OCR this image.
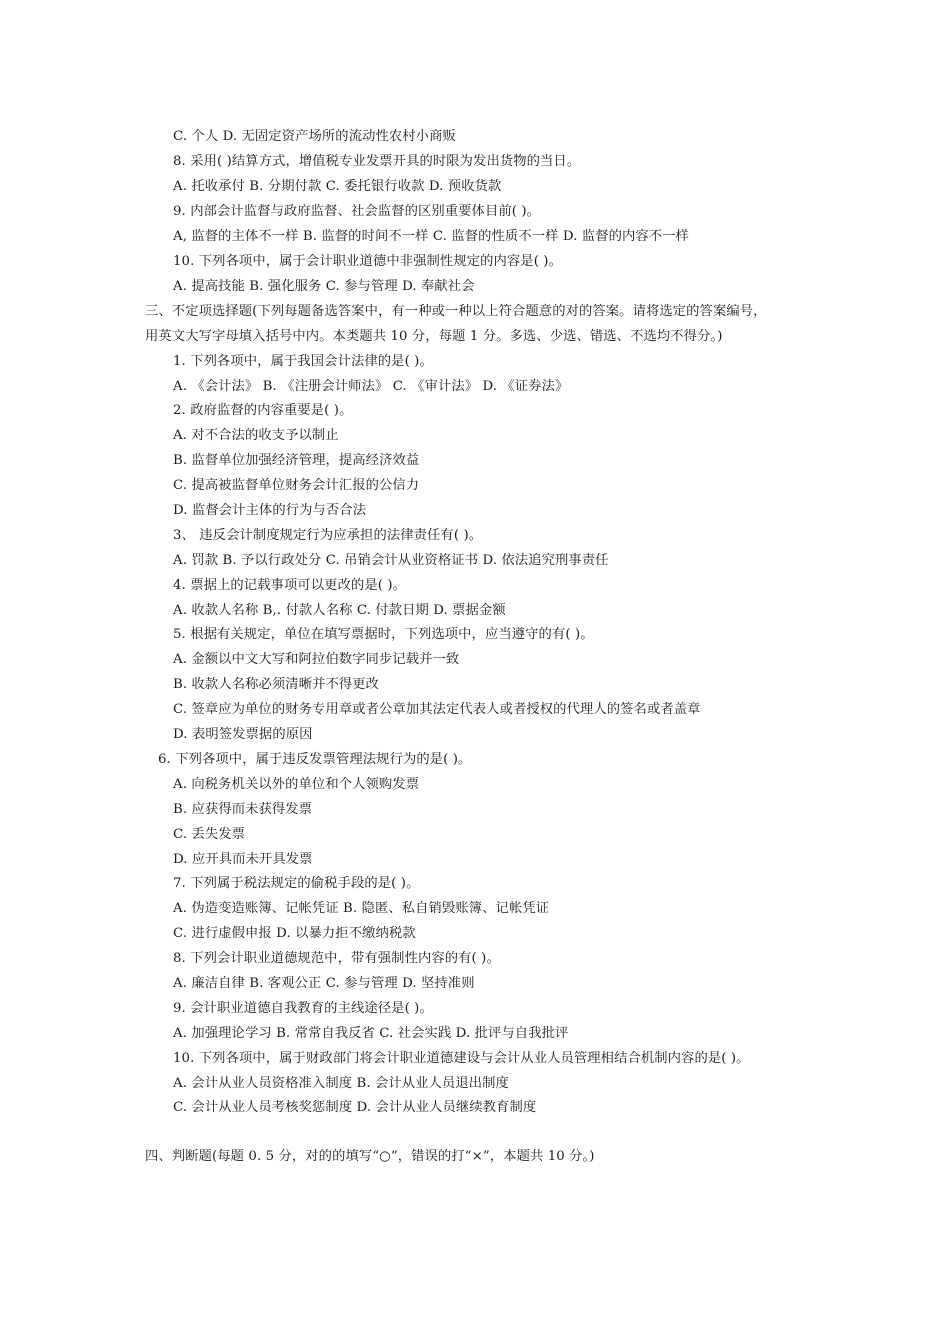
C. 个人 D. 无固定资产场所的流动性农村小商贩
8. 采用( )结算方式，增值税专业发票开具的时限为发出货物的当日。
A. 托收承付 B. 分期付款 C. 委托银行收款 D. 预收货款
9. 内部会计监督与政府监督、社会监督的区别重要体目前( )。
A, 监督的主体不一样 B. 监督的时间不一样 C. 监督的性质不一样 D. 监督的内容不一样
10. 下列各项中，属于会计职业道德中非强制性规定的内容是( )。
A. 提高技能 B. 强化服务 C. 参与管理 D. 奉献社会
三、不定项选择题(下列每题备选答案中，有一种或一种以上符合题意的对的答案。请将选定的答案编号，
用英文大写字母填入括号中内。本类题共 10 分，每题 1 分。多选、少选、错选、不选均不得分。)
1. 下列各项中，属于我国会计法律的是( )。
A. 《会计法》 B. 《注册会计师法》 C. 《审计法》 D. 《证券法》
2. 政府监督的内容重要是( )。
A. 对不合法的收支予以制止
B. 监督单位加强经济管理，提高经济效益
C. 提高被监督单位财务会计汇报的公信力
D. 监督会计主体的行为与否合法
3、 违反会计制度规定行为应承担的法律责任有( )。
A. 罚款 B. 予以行政处分 C. 吊销会计从业资格证书 D. 依法追究刑事责任
4. 票据上的记载事项可以更改的是( )。
A. 收款人名称 B,. 付款人名称 C. 付款日期 D. 票据金额
5. 根据有关规定，单位在填写票据时，下列选项中，应当遵守的有( )。
A. 金额以中文大写和阿拉伯数字同步记载并一致
B. 收款人名称必须清晰并不得更改
C. 签章应为单位的财务专用章或者公章加其法定代表人或者授权的代理人的签名或者盖章
D. 表明签发票据的原因
6. 下列各项中，属于违反发票管理法规行为的是( )。
A. 向税务机关以外的单位和个人领购发票
B. 应获得而未获得发票
C. 丢失发票
D. 应开具而未开具发票
7. 下列属于税法规定的偷税手段的是( )。
A. 伪造变造账簿、记帐凭证 B. 隐匿、私自销毁账簿、记帐凭证
C. 进行虚假申报 D. 以暴力拒不缴纳税款
8. 下列会计职业道德规范中，带有强制性内容的有( )。
A. 廉洁自律 B. 客观公正 C. 参与管理 D. 坚持准则
9. 会计职业道德自我教育的主线途径是( )。
A. 加强理论学习 B. 常常自我反省 C. 社会实践 D. 批评与自我批评
10. 下列各项中，属于财政部门将会计职业道德建设与会计从业人员管理相结合机制内容的是( )。
A. 会计从业人员资格准入制度 B. 会计从业人员退出制度
C. 会计从业人员考核奖惩制度 D. 会计从业人员继续教育制度
四、判断题(每题 0. 5 分，对的的填写“○”，错误的打“×”，本题共 10 分。)
